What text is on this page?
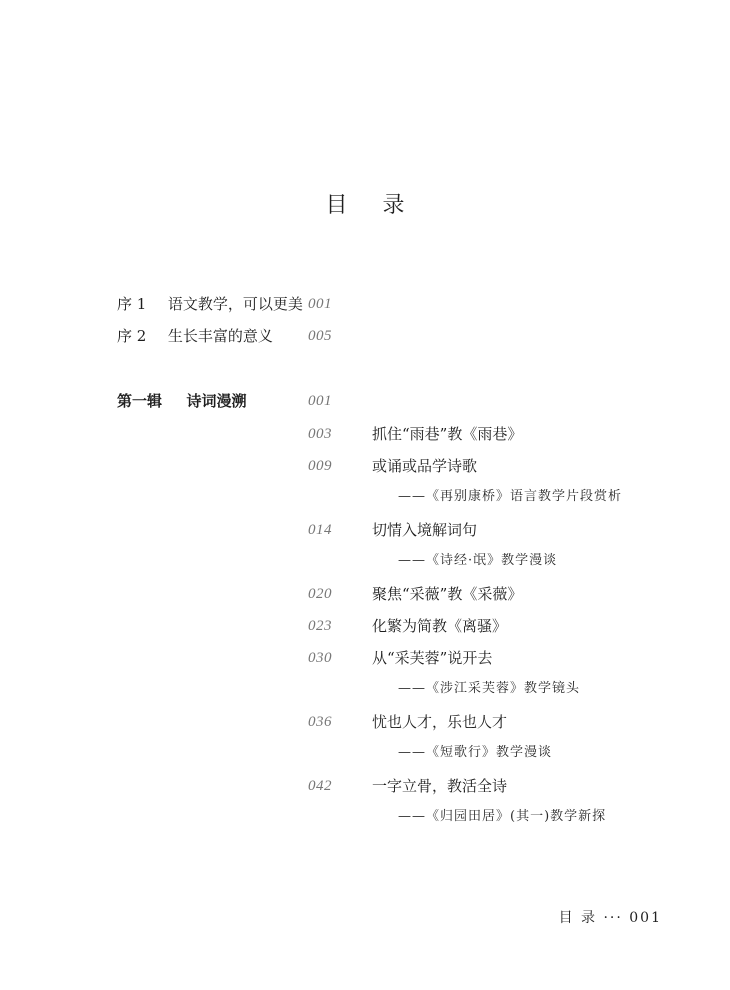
目 录
序 1 语文教学，可以更美 001
序 2 生长丰富的意义 005
第一辑 诗词漫溯	001
003	抓住“雨巷”教《雨巷》
009	或诵或品学诗歌
——《再别康桥》语言教学片段赏析
014	切情入境解词句
——《诗经·氓》教学漫谈
020	聚焦“采薇”教《采薇》
023	化繁为简教《离骚》
030	从“采芙蓉”说开去
——《涉江采芙蓉》教学镜头
036	忧也人才，乐也人才
——《短歌行》教学漫谈
042	一字立骨，教活全诗
——《归园田居》(其一)教学新探
目 录 ··· 001
